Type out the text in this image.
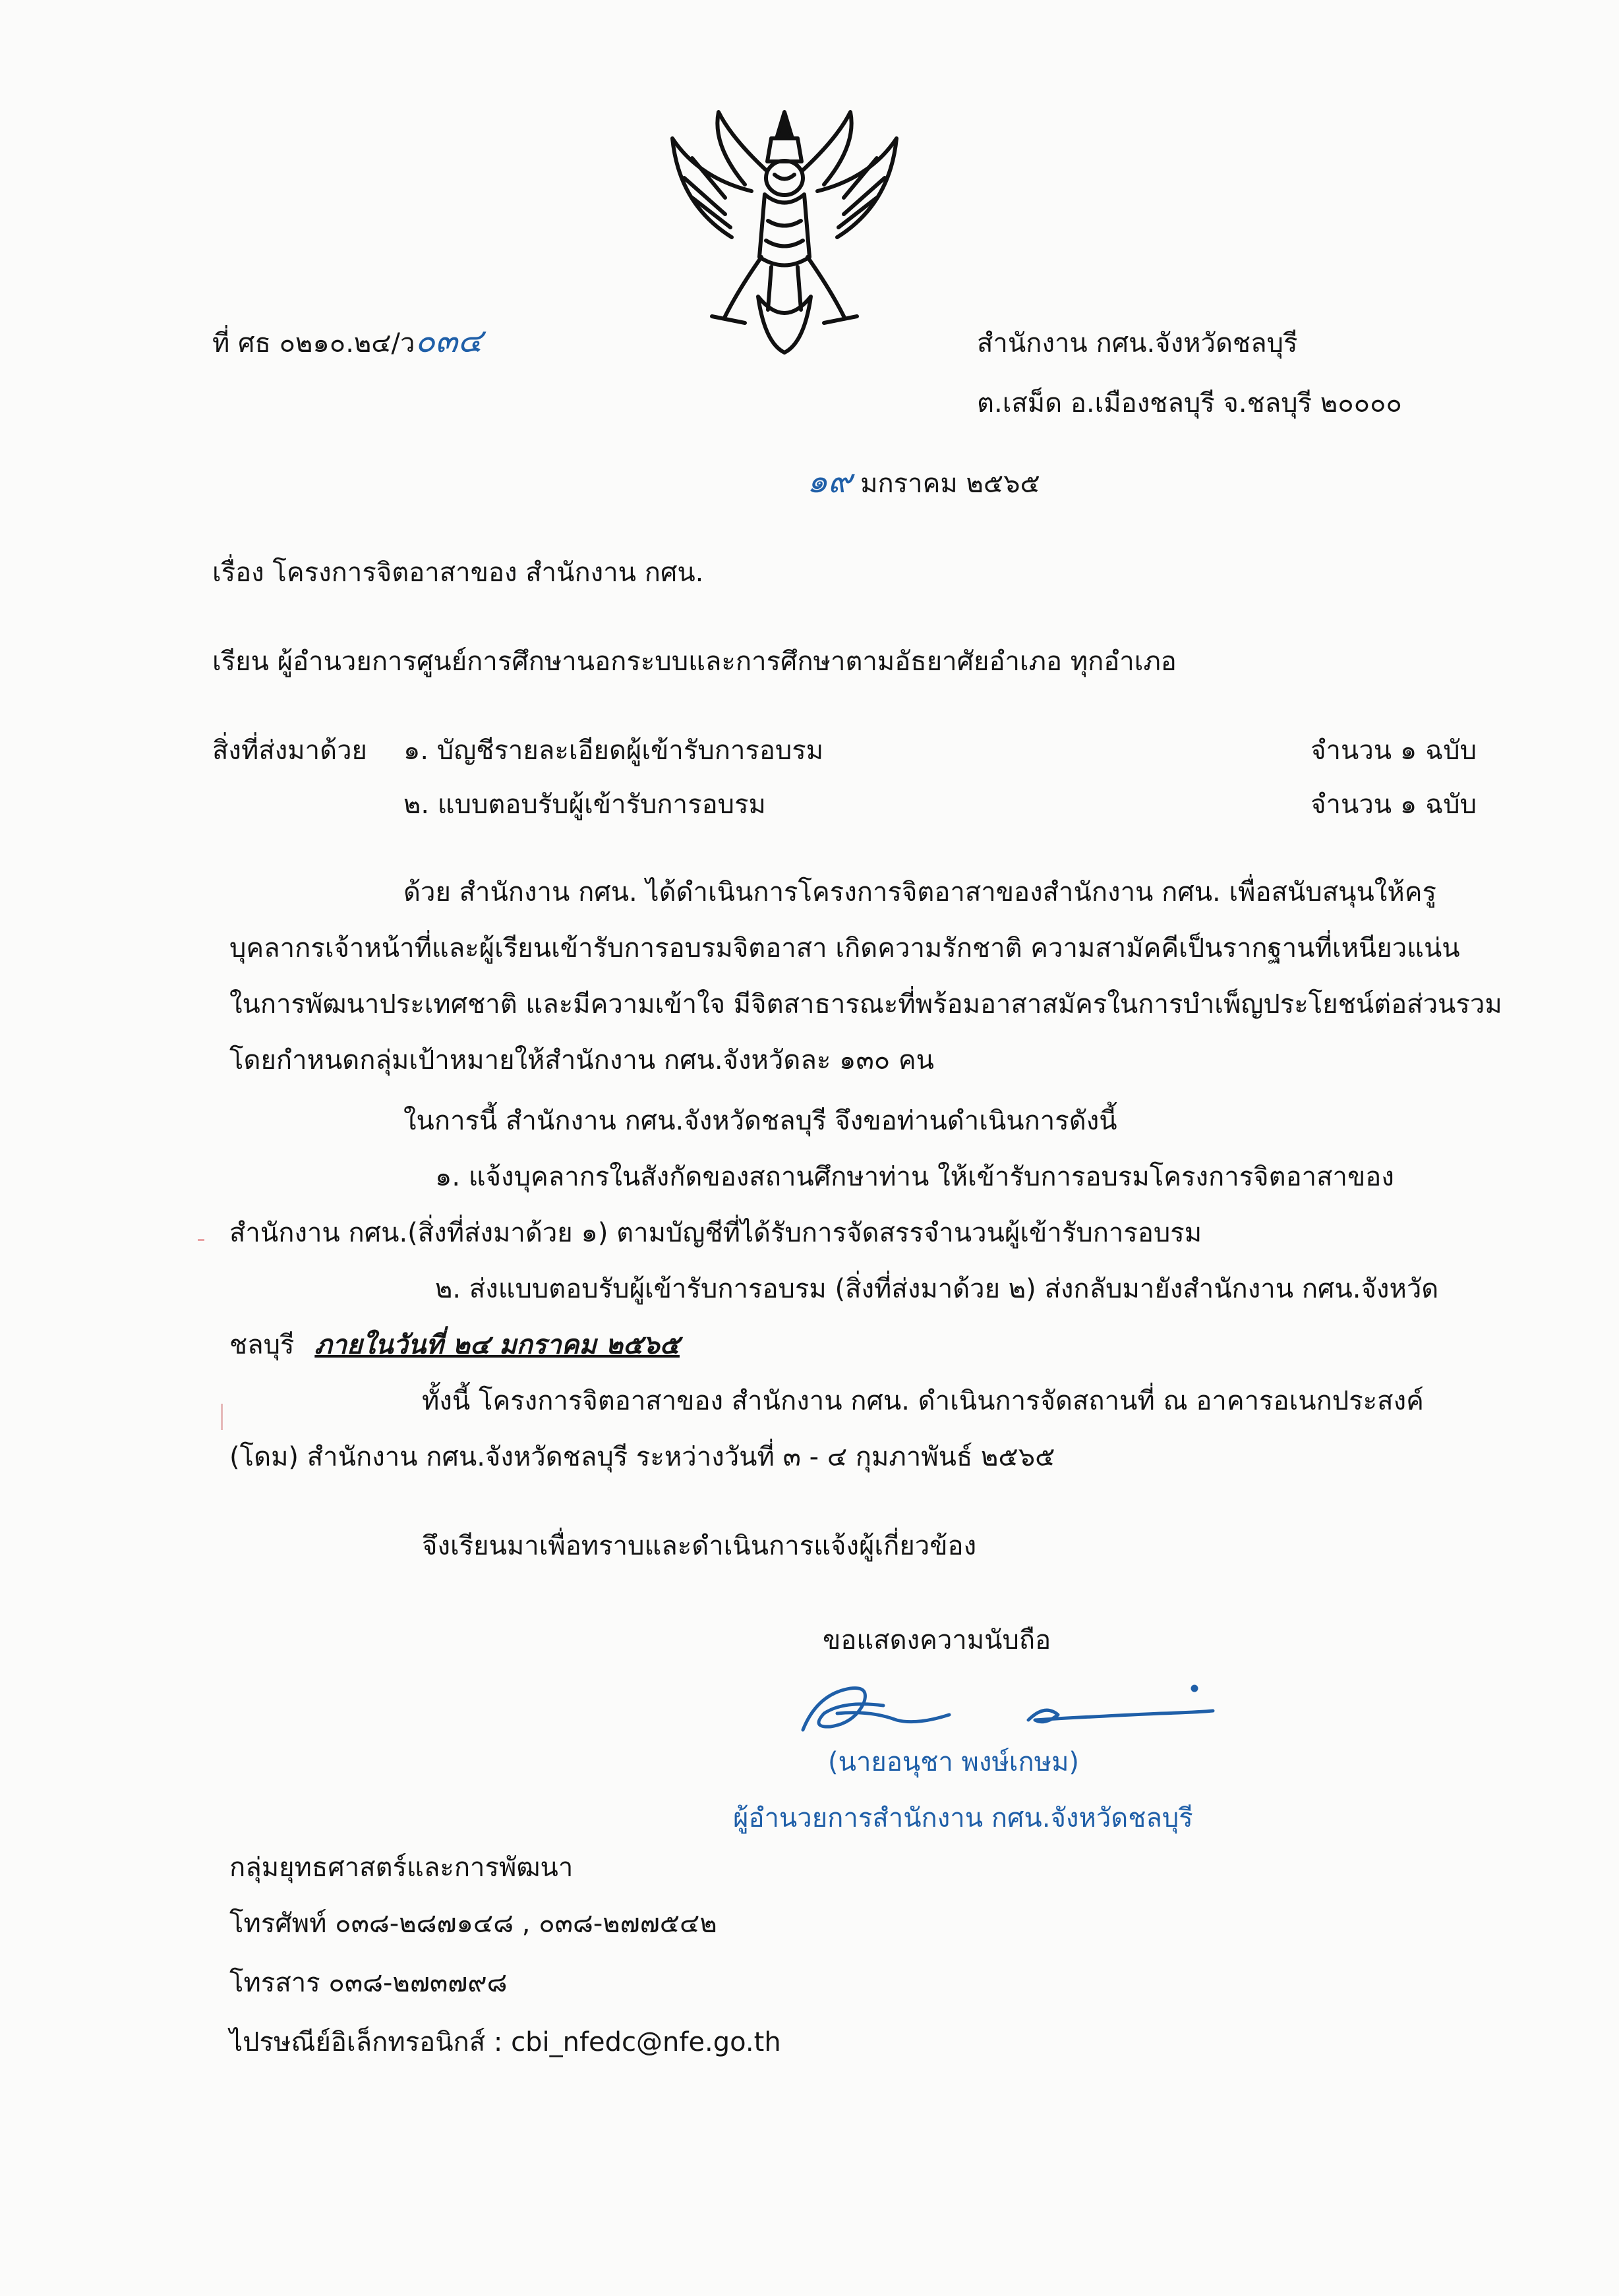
ที่ ศธ ๐๒๑๐.๒๔/ว๐๓๔	สำนักงาน กศน.จังหวัดชลบุรี
ต.เสม็ด อ.เมืองชลบุรี จ.ชลบุรี ๒๐๐๐๐
๑๙ มกราคม ๒๕๖๕
เรื่อง โครงการจิตอาสาของ สำนักงาน กศน.
เรียน ผู้อำนวยการศูนย์การศึกษานอกระบบและการศึกษาตามอัธยาศัยอำเภอ ทุกอำเภอ
สิ่งที่ส่งมาด้วย ๑. บัญชีรายละเอียดผู้เข้ารับการอบรม	จำนวน ๑ ฉบับ
๒. แบบตอบรับผู้เข้ารับการอบรม	จำนวน ๑ ฉบับ
ด้วย สำนักงาน กศน. ได้ดำเนินการโครงการจิตอาสาของสำนักงาน กศน. เพื่อสนับสนุนให้ครู
บุคลากรเจ้าหน้าที่และผู้เรียนเข้ารับการอบรมจิตอาสา เกิดความรักชาติ ความสามัคคีเป็นรากฐานที่เหนียวแน่น
ในการพัฒนาประเทศชาติ และมีความเข้าใจ มีจิตสาธารณะที่พร้อมอาสาสมัครในการบำเพ็ญประโยชน์ต่อส่วนรวม
โดยกำหนดกลุ่มเป้าหมายให้สำนักงาน กศน.จังหวัดละ ๑๓๐ คน
ในการนี้ สำนักงาน กศน.จังหวัดชลบุรี จึงขอท่านดำเนินการดังนี้
๑. แจ้งบุคลากรในสังกัดของสถานศึกษาท่าน ให้เข้ารับการอบรมโครงการจิตอาสาของ
สำนักงาน กศน.(สิ่งที่ส่งมาด้วย ๑) ตามบัญชีที่ได้รับการจัดสรรจำนวนผู้เข้ารับการอบรม
๒. ส่งแบบตอบรับผู้เข้ารับการอบรม (สิ่งที่ส่งมาด้วย ๒) ส่งกลับมายังสำนักงาน กศน.จังหวัด
ชลบุรี ภายในวันที่ ๒๔ มกราคม ๒๕๖๕
ทั้งนี้ โครงการจิตอาสาของ สำนักงาน กศน. ดำเนินการจัดสถานที่ ณ อาคารอเนกประสงค์
(โดม) สำนักงาน กศน.จังหวัดชลบุรี ระหว่างวันที่ ๓ - ๔ กุมภาพันธ์ ๒๕๖๕
จึงเรียนมาเพื่อทราบและดำเนินการแจ้งผู้เกี่ยวข้อง
ขอแสดงความนับถือ
(นายอนุชา พงษ์เกษม)
ผู้อำนวยการสำนักงาน กศน.จังหวัดชลบุรี
กลุ่มยุทธศาสตร์และการพัฒนา
โทรศัพท์ ๐๓๘-๒๘๗๑๔๘ , ๐๓๘-๒๗๗๕๔๒
โทรสาร ๐๓๘-๒๗๓๗๙๘
ไปรษณีย์อิเล็กทรอนิกส์ : cbi_nfedc@nfe.go.th
